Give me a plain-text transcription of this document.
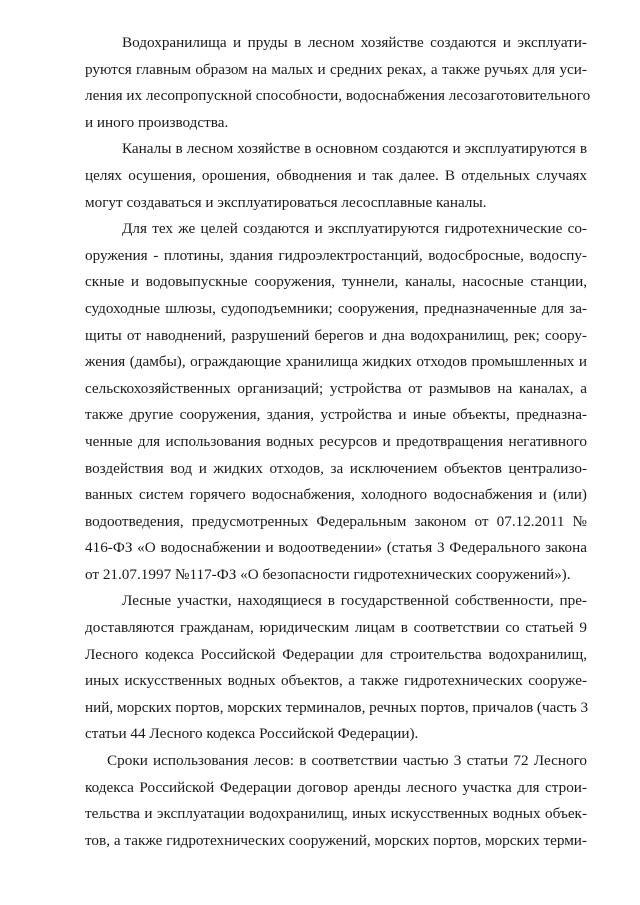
Водохранилища и пруды в лесном хозяйстве создаются и эксплуати-
руются главным образом на малых и средних реках, а также ручьях для уси-
ления их лесопропускной способности, водоснабжения лесозаготовительного
и иного производства.
Каналы в лесном хозяйстве в основном создаются и эксплуатируются в
целях осушения, орошения, обводнения и так далее. В отдельных случаях
могут создаваться и эксплуатироваться лесосплавные каналы.
Для тех же целей создаются и эксплуатируются гидротехнические со-
оружения - плотины, здания гидроэлектростанций, водосбросные, водоспу-
скные и водовыпускные сооружения, туннели, каналы, насосные станции,
судоходные шлюзы, судоподъемники; сооружения, предназначенные для за-
щиты от наводнений, разрушений берегов и дна водохранилищ, рек; соору-
жения (дамбы), ограждающие хранилища жидких отходов промышленных и
сельскохозяйственных организаций; устройства от размывов на каналах, а
также другие сооружения, здания, устройства и иные объекты, предназна-
ченные для использования водных ресурсов и предотвращения негативного
воздействия вод и жидких отходов, за исключением объектов централизо-
ванных систем горячего водоснабжения, холодного водоснабжения и (или)
водоотведения, предусмотренных Федеральным законом от 07.12.2011 №
416-ФЗ «О водоснабжении и водоотведении» (статья 3 Федерального закона
от 21.07.1997 №117-ФЗ «О безопасности гидротехнических сооружений»).
Лесные участки, находящиеся в государственной собственности, пре-
доставляются гражданам, юридическим лицам в соответствии со статьей 9
Лесного кодекса Российской Федерации для строительства водохранилищ,
иных искусственных водных объектов, а также гидротехнических сооруже-
ний, морских портов, морских терминалов, речных портов, причалов (часть 3
статьи 44 Лесного кодекса Российской Федерации).
Сроки использования лесов: в соответствии частью 3 статьи 72 Лесного
кодекса Российской Федерации договор аренды лесного участка для строи-
тельства и эксплуатации водохранилищ, иных искусственных водных объек-
тов, а также гидротехнических сооружений, морских портов, морских терми-
